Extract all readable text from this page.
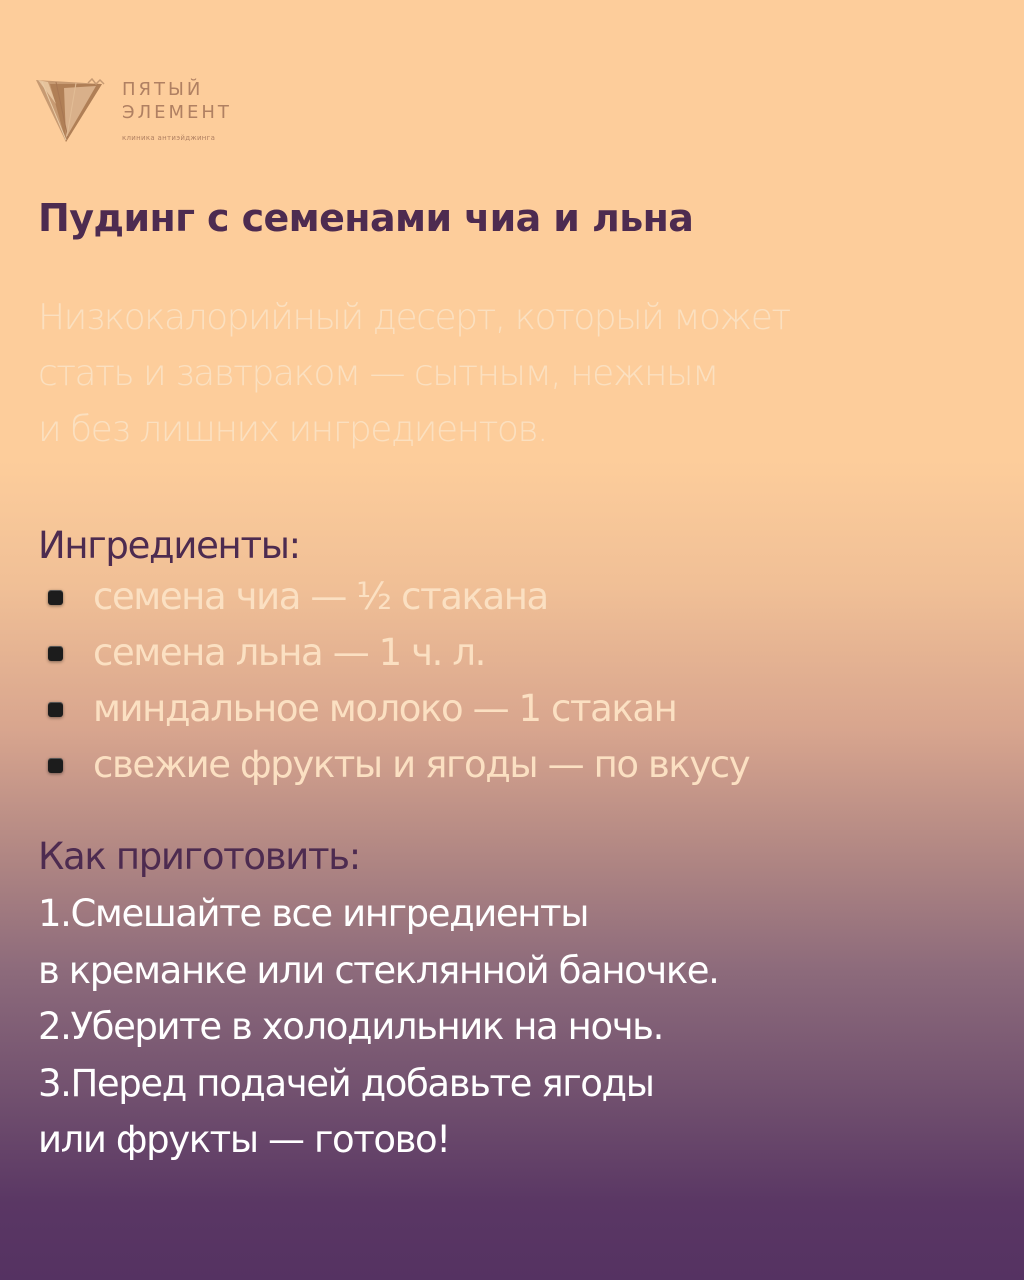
ПЯТЫЙ
ЭЛЕМЕНТ
клиника антиэйджинга
Пудинг с семенами чиа и льна
Низкокалорийный десерт, который может
стать и завтраком — сытным, нежным
и без лишних ингредиентов.
Ингредиенты:
семена чиа — ½ стакана
семена льна — 1 ч. л.
миндальное молоко — 1 стакан
свежие фрукты и ягоды — по вкусу
Как приготовить:
1.Смешайте все ингредиенты
в креманке или стеклянной баночке.
2.Уберите в холодильник на ночь.
3.Перед подачей добавьте ягоды
или фрукты — готово!
